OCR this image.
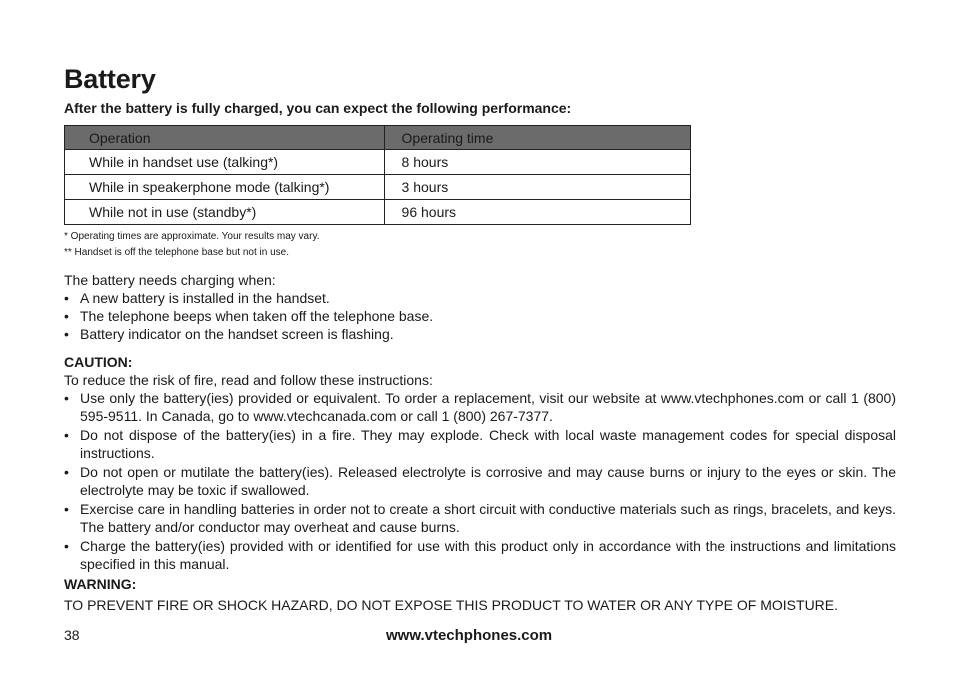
Battery

After the battery is fully charged, you can expect the following performance:

Operation	Operating time
While in handset use (talking*)	8 hours
While in speakerphone mode (talking*)	3 hours
While not in use (standby*)	96 hours
* Operating times are approximate. Your results may vary.
** Handset is off the telephone base but not in use.

The battery needs charging when:

• A new battery is installed in the handset.
• The telephone beeps when taken off the telephone base.
• Battery indicator on the handset screen is flashing.
CAUTION:

To reduce the risk of fire, read and follow these instructions:

• Use only the battery(ies) provided or equivalent. To order a replacement, visit our website at www.vtechphones.com or call 1 (800) 595-9511. In Canada, go to www.vtechcanada.com or call 1 (800) 267-7377.
• Do not dispose of the battery(ies) in a fire. They may explode. Check with local waste management codes for special disposal instructions.
• Do not open or mutilate the battery(ies). Released electrolyte is corrosive and may cause burns or injury to the eyes or skin. The electrolyte may be toxic if swallowed.
• Exercise care in handling batteries in order not to create a short circuit with conductive materials such as rings, bracelets, and keys. The battery and/or conductor may overheat and cause burns.
• Charge the battery(ies) provided with or identified for use with this product only in accordance with the instructions and limitations specified in this manual.
WARNING:
TO PREVENT FIRE OR SHOCK HAZARD, DO NOT EXPOSE THIS PRODUCT TO WATER OR ANY TYPE OF MOISTURE.
38	www.vtechphones.com
